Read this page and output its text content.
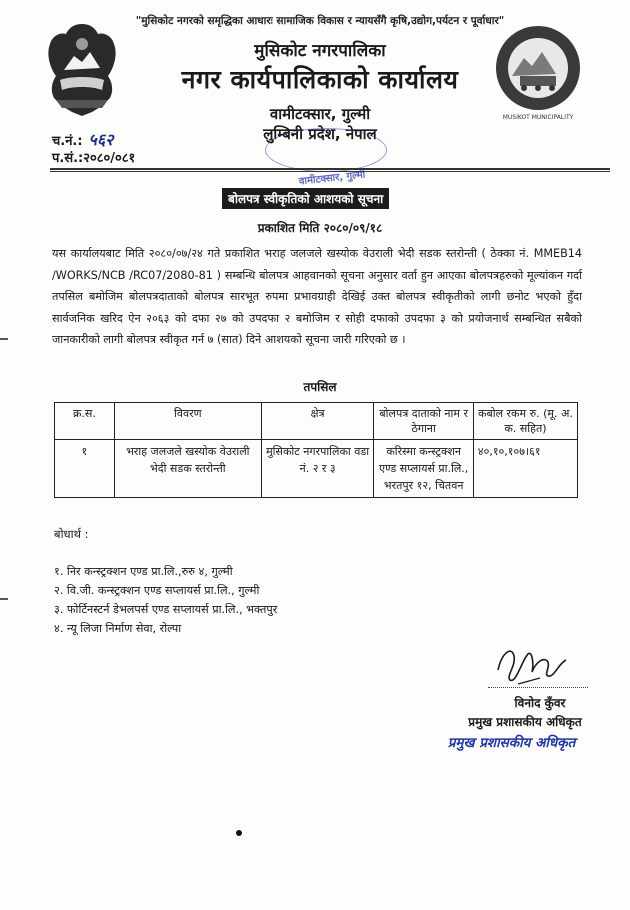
MUSIKOT MUNICIPALITY
"मुसिकोट नगरको समृद्धिका आधारः सामाजिक विकास र न्यायसँगै कृषि,उद्योग,पर्यटन र पूर्वाधार"
मुसिकोट नगरपालिका
नगर कार्यपालिकाको कार्यालय
वामीटक्सार, गुल्मी
लुम्बिनी प्रदेश, नेपाल
वामीटक्सार, गुल्मी
च.नं.: ५६२
प.सं.:२०८०/०८१
बोलपत्र स्वीकृतिको आशयको सूचना
प्रकाशित मिति २०८०/०९/१८
यस कार्यालयबाट मिति २०८०/०७/२४ गते प्रकाशित भराह जलजले खस्योक वेउराली भेदी सडक स्तरोन्ती ( ठेक्का नं. MMEB14 /WORKS/NCB /RC07/2080-81 ) सम्बन्धि बोलपत्र आहवानको सूचना अनुसार वर्ता हुन आएका बोलपत्रहरुको मूल्यांकन गर्दा तपसिल बमोजिम बोलपत्रदाताको बोलपत्र सारभूत रुपमा प्रभावग्राही देखिई उक्त बोलपत्र स्वीकृतीको लागी छनोट भएको हुँदा सार्वजनिक खरिद ऐन २०६३ को दफा २७ को उपदफा २ बमोजिम र सोही दफाको उपदफा ३ को प्रयोजनार्थ सम्बन्धित सबैको जानकारीको लागी बोलपत्र स्वीकृत गर्न ७ (सात) दिने आशयको सूचना जारी गरिएको छ ।
तपसिल
क्र.स.	विवरण	क्षेत्र	बोलपत्र दाताको नाम र ठेगाना	कबोल रकम रु. (मू. अ. क. सहित)
१	भराह जलजले खस्योक वेउराली भेदी सडक स्तरोन्ती	मुसिकोट नगरपालिका वडा नं. २ र ३	करिस्मा कन्स्ट्रक्शन एण्ड सप्लायर्स प्रा.लि., भरतपुर १२, चितवन	४०,१०,१०७।६१
बोधार्थ :
१. निर कन्स्ट्रक्शन एण्ड प्रा.लि.,रुरु ४, गुल्मी
२. वि.जी. कन्स्ट्रक्शन एण्ड सप्लायर्स प्रा.लि., गुल्मी
३. फोर्टिनस्टर्न डेभलपर्स एण्ड सप्लायर्स प्रा.लि., भक्तपुर
४. न्यू लिजा निर्माण सेवा, रोल्पा
विनोद कुँवर
प्रमुख प्रशासकीय अधिकृत
प्रमुख प्रशासकीय अधिकृत
